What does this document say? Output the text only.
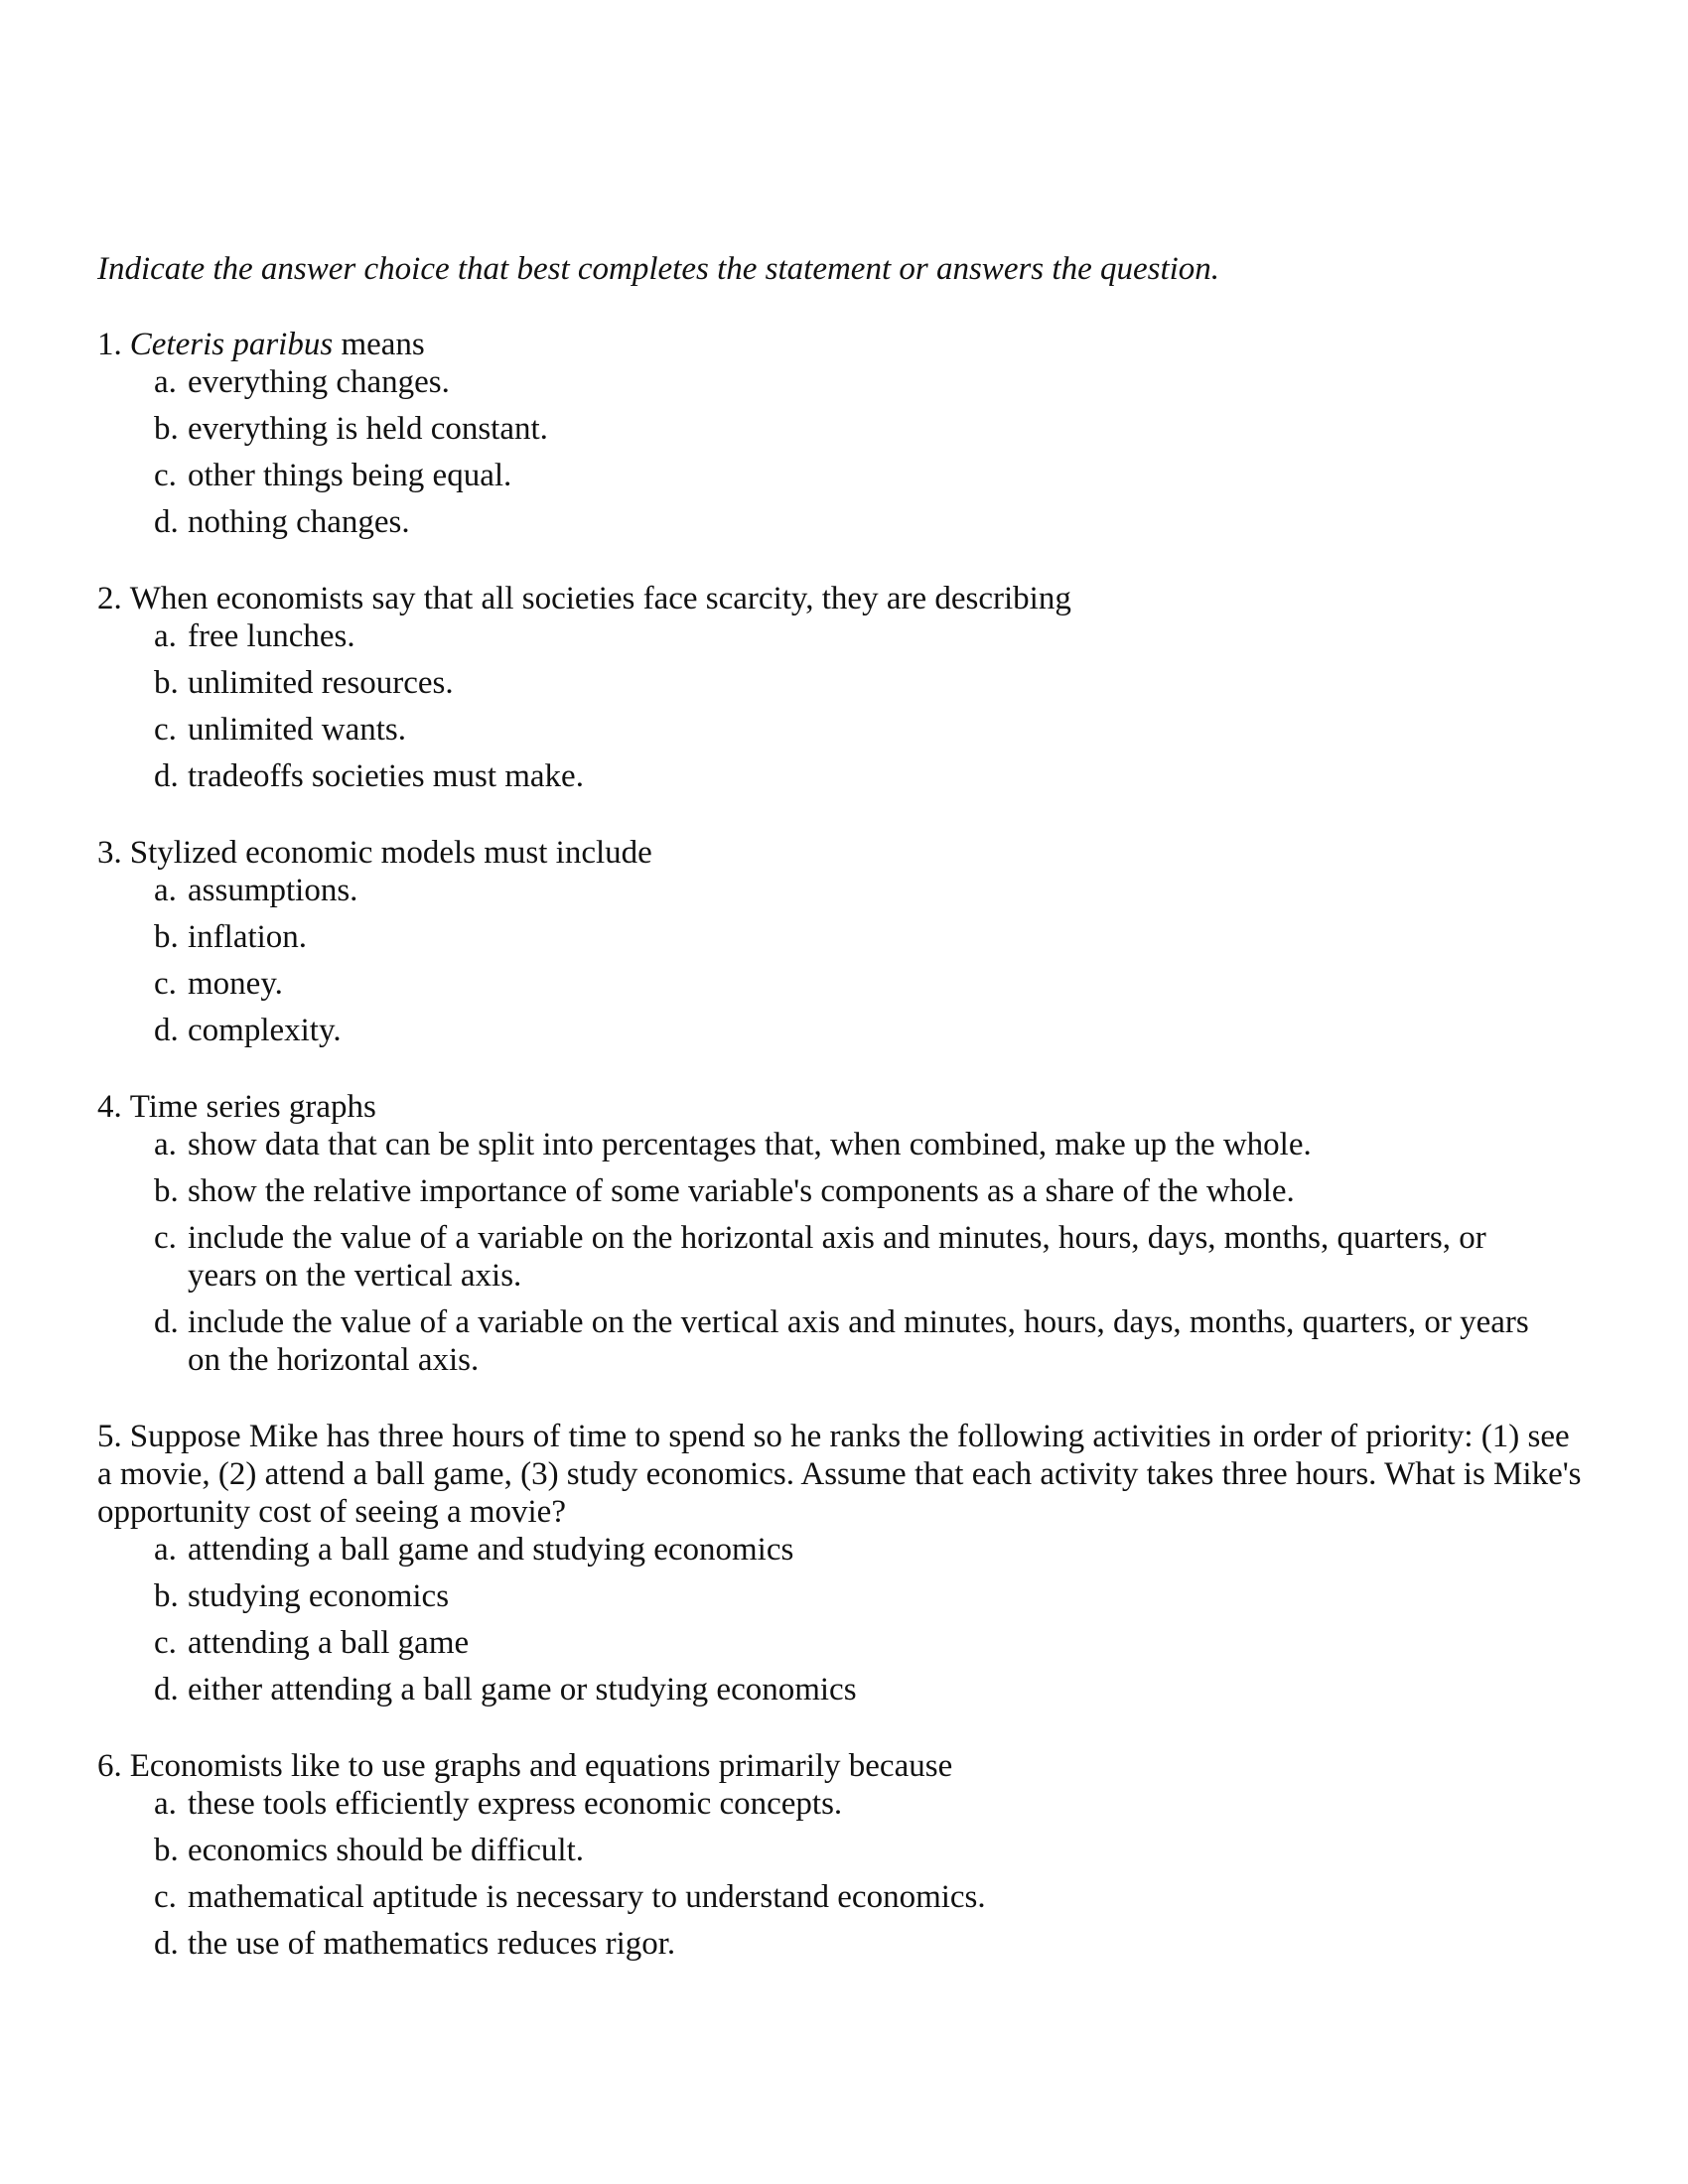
Indicate the answer choice that best completes the statement or answers the question.

1. Ceteris paribus means

a. everything changes.
b. everything is held constant.
c. other things being equal.
d. nothing changes.

2. When economists say that all societies face scarcity, they are describing

a. free lunches.
b. unlimited resources.
c. unlimited wants.
d. tradeoffs societies must make.

3. Stylized economic models must include

a. assumptions.
b. inflation.
c. money.
d. complexity.

4. Time series graphs

a. show data that can be split into percentages that, when combined, make up the whole.
b. show the relative importance of some variable's components as a share of the whole.
c. include the value of a variable on the horizontal axis and minutes, hours, days, months, quarters, or years on the vertical axis.
d. include the value of a variable on the vertical axis and minutes, hours, days, months, quarters, or years on the horizontal axis.

5. Suppose Mike has three hours of time to spend so he ranks the following activities in order of priority: (1) see a movie, (2) attend a ball game, (3) study economics. Assume that each activity takes three hours. What is Mike's opportunity cost of seeing a movie?

a. attending a ball game and studying economics
b. studying economics
c. attending a ball game
d. either attending a ball game or studying economics

6. Economists like to use graphs and equations primarily because

a. these tools efficiently express economic concepts.
b. economics should be difficult.
c. mathematical aptitude is necessary to understand economics.
d. the use of mathematics reduces rigor.
